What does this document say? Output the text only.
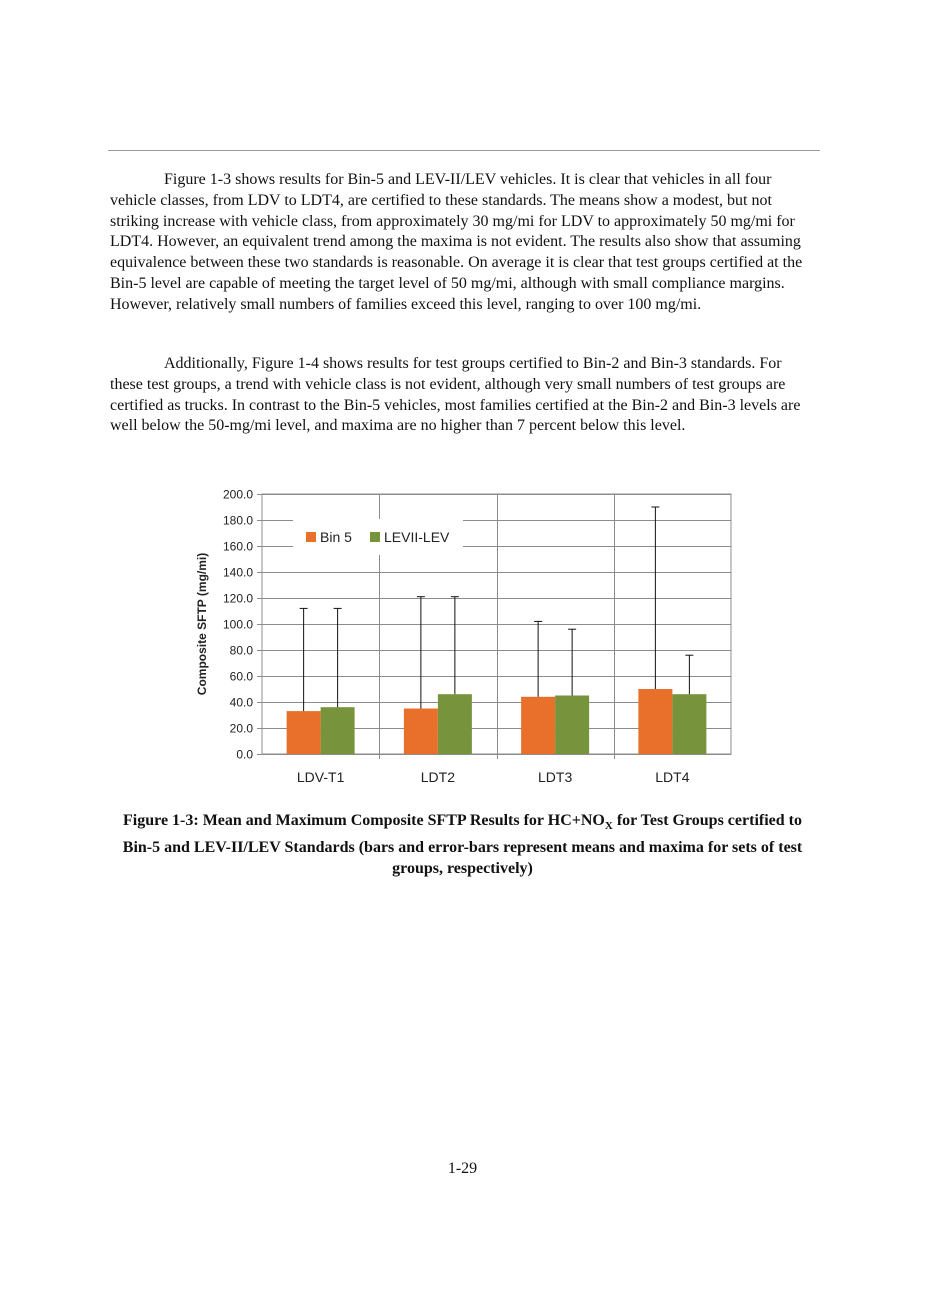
Figure 1-3 shows results for Bin-5 and LEV-II/LEV vehicles. It is clear that vehicles in all four vehicle classes, from LDV to LDT4, are certified to these standards. The means show a modest, but not striking increase with vehicle class, from approximately 30 mg/mi for LDV to approximately 50 mg/mi for LDT4. However, an equivalent trend among the maxima is not evident. The results also show that assuming equivalence between these two standards is reasonable. On average it is clear that test groups certified at the Bin-5 level are capable of meeting the target level of 50 mg/mi, although with small compliance margins. However, relatively small numbers of families exceed this level, ranging to over 100 mg/mi.

Additionally, Figure 1-4 shows results for test groups certified to Bin-2 and Bin-3 standards. For these test groups, a trend with vehicle class is not evident, although very small numbers of test groups are certified as trucks. In contrast to the Bin-5 vehicles, most families certified at the Bin-2 and Bin-3 levels are well below the 50-mg/mi level, and maxima are no higher than 7 percent below this level.

0.0
20.0
40.0
60.0
80.0
100.0
120.0
140.0
160.0
180.0
200.0
LDV-T1	LDT2	LDT3	LDT4
Composite SFTP (mg/mi)
Bin 5 LEVII-LEV
Figure 1-3: Mean and Maximum Composite SFTP Results for $HC+NO_X$ for Test Groups certified to Bin-5 and LEV-II/LEV Standards (bars and error-bars represent means and maxima for sets of test groups, respectively)
1-29
